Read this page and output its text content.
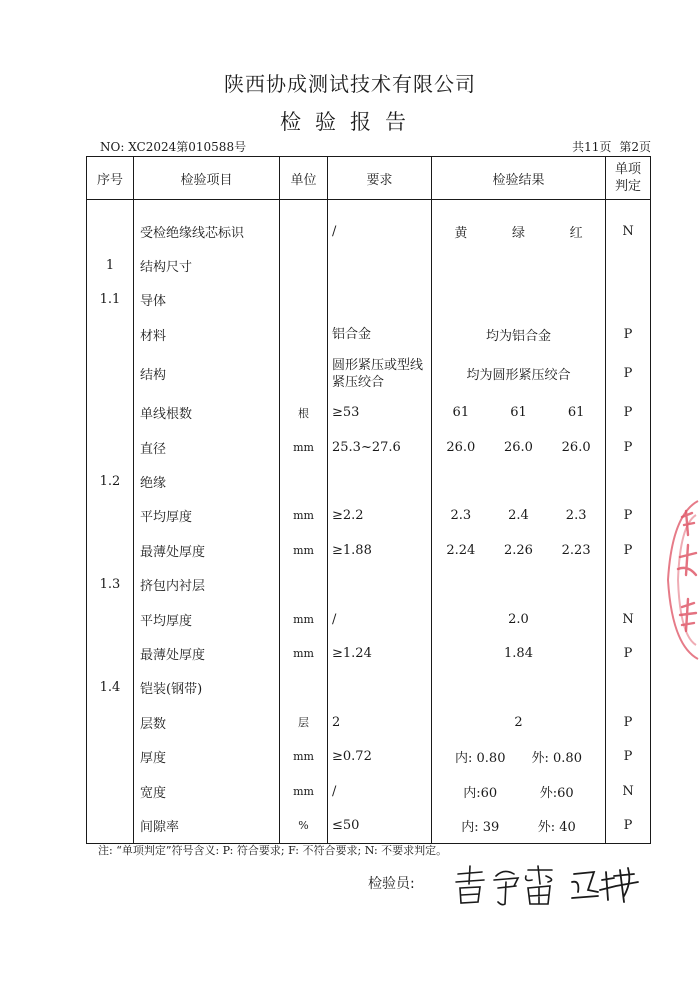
陕西协成测试技术有限公司
检验报告
NO: XC2024第010588号	共11页 第2页
序号	检验项目	单位	要求	检验结果	单项
判定

	受检绝缘线芯标识		/	黄 绿 红	N
1	结构尺寸			

1.1	导体			

	材料		铝合金	均为铝合金	P
	结构		圆形紧压或型线紧压绞合	均为圆形紧压绞合	P
	单线根数	根	≥53	61 61 61	P
	直径	mm	25.3~27.6	26.0 26.0 26.0	P
1.2	绝缘			

	平均厚度	mm	≥2.2	2.3 2.4 2.3	P
	最薄处厚度	mm	≥1.88	2.24 2.26 2.23	P
1.3	挤包内衬层			

	平均厚度	mm	/	2.0	N
	最薄处厚度	mm	≥1.24	1.84	P
1.4	铠装(钢带)			

	层数	层	2	2	P
	厚度	mm	≥0.72	内: 0.80 外: 0.80	P
	宽度	mm	/	内:60 外:60	N
	间隙率	%	≤50	内: 39 外: 40	P
注: “单项判定”符号含义: P: 符合要求; F: 不符合要求; N: 不要求判定。
检验员:
